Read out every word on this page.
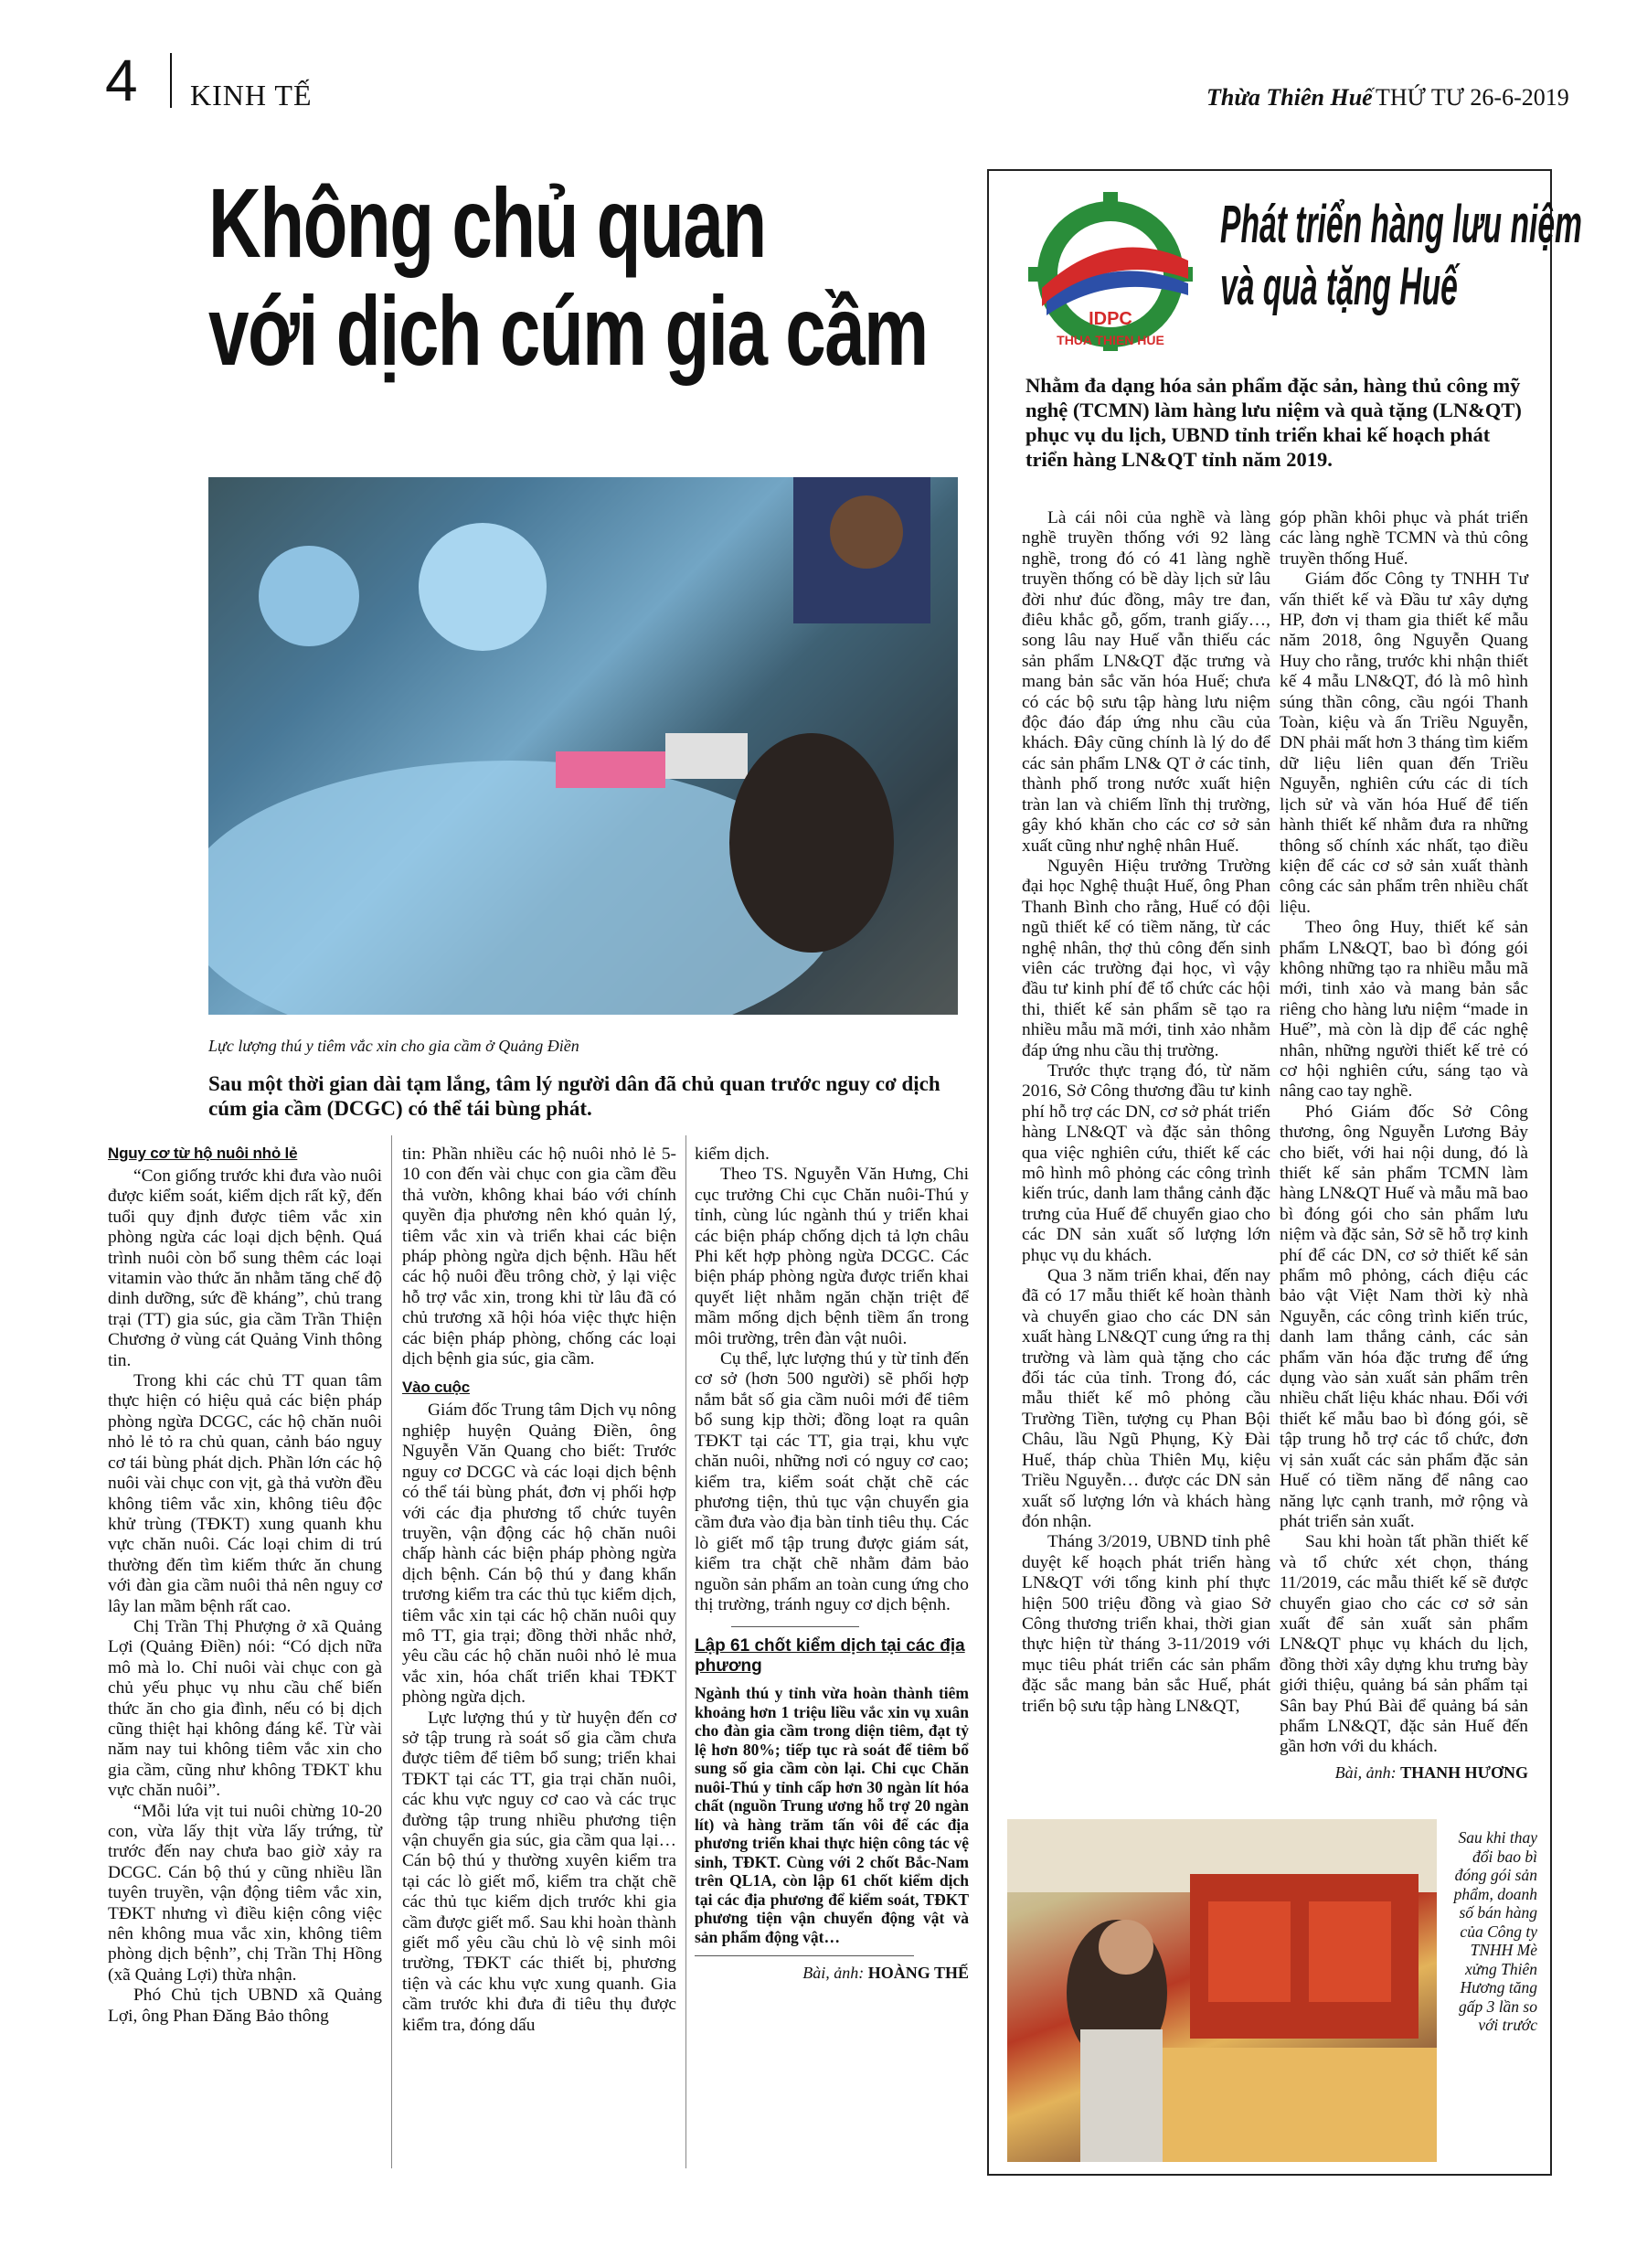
4 KINH TẾ	Thừa Thiên Huế THỨ TƯ 26-6-2019
Không chủ quan
với dịch cúm gia cầm
Lực lượng thú y tiêm vắc xin cho gia cầm ở Quảng Điền
Sau một thời gian dài tạm lắng, tâm lý người dân đã chủ quan trước nguy cơ dịch cúm gia cầm (DCGC) có thể tái bùng phát.
Nguy cơ từ hộ nuôi nhỏ lẻ

“Con giống trước khi đưa vào nuôi được kiểm soát, kiểm dịch rất kỹ, đến tuổi quy định được tiêm vắc xin phòng ngừa các loại dịch bệnh. Quá trình nuôi còn bổ sung thêm các loại vitamin vào thức ăn nhằm tăng chế độ dinh dưỡng, sức đề kháng”, chủ trang trại (TT) gia súc, gia cầm Trần Thiện Chương ở vùng cát Quảng Vinh thông tin.

Trong khi các chủ TT quan tâm thực hiện có hiệu quả các biện pháp phòng ngừa DCGC, các hộ chăn nuôi nhỏ lẻ tỏ ra chủ quan, cảnh báo nguy cơ tái bùng phát dịch. Phần lớn các hộ nuôi vài chục con vịt, gà thả vườn đều không tiêm vắc xin, không tiêu độc khử trùng (TĐKT) xung quanh khu vực chăn nuôi. Các loại chim di trú thường đến tìm kiếm thức ăn chung với đàn gia cầm nuôi thả nên nguy cơ lây lan mầm bệnh rất cao.

Chị Trần Thị Phượng ở xã Quảng Lợi (Quảng Điền) nói: “Có dịch nữa mô mà lo. Chỉ nuôi vài chục con gà chủ yếu phục vụ nhu cầu chế biến thức ăn cho gia đình, nếu có bị dịch cũng thiệt hại không đáng kể. Từ vài năm nay tui không tiêm vắc xin cho gia cầm, cũng như không TĐKT khu vực chăn nuôi”.

“Mỗi lứa vịt tui nuôi chừng 10-20 con, vừa lấy thịt vừa lấy trứng, từ trước đến nay chưa bao giờ xảy ra DCGC. Cán bộ thú y cũng nhiều lần tuyên truyền, vận động tiêm vắc xin, TĐKT nhưng vì điều kiện công việc nên không mua vắc xin, không tiêm phòng dịch bệnh”, chị Trần Thị Hồng (xã Quảng Lợi) thừa nhận.

Phó Chủ tịch UBND xã Quảng Lợi, ông Phan Đăng Bảo thông

tin: Phần nhiều các hộ nuôi nhỏ lẻ 5-10 con đến vài chục con gia cầm đều thả vườn, không khai báo với chính quyền địa phương nên khó quản lý, tiêm vắc xin và triển khai các biện pháp phòng ngừa dịch bệnh. Hầu hết các hộ nuôi đều trông chờ, ỷ lại việc hỗ trợ vắc xin, trong khi từ lâu đã có chủ trương xã hội hóa việc thực hiện các biện pháp phòng, chống các loại dịch bệnh gia súc, gia cầm.

Vào cuộc

Giám đốc Trung tâm Dịch vụ nông nghiệp huyện Quảng Điền, ông Nguyễn Văn Quang cho biết: Trước nguy cơ DCGC và các loại dịch bệnh có thể tái bùng phát, đơn vị phối hợp với các địa phương tổ chức tuyên truyền, vận động các hộ chăn nuôi chấp hành các biện pháp phòng ngừa dịch bệnh. Cán bộ thú y đang khẩn trương kiểm tra các thủ tục kiểm dịch, tiêm vắc xin tại các hộ chăn nuôi quy mô TT, gia trại; đồng thời nhắc nhở, yêu cầu các hộ chăn nuôi nhỏ lẻ mua vắc xin, hóa chất triển khai TĐKT phòng ngừa dịch.

Lực lượng thú y từ huyện đến cơ sở tập trung rà soát số gia cầm chưa được tiêm để tiêm bổ sung; triển khai TĐKT tại các TT, gia trại chăn nuôi, các khu vực nguy cơ cao và các trục đường tập trung nhiều phương tiện vận chuyển gia súc, gia cầm qua lại… Cán bộ thú y thường xuyên kiểm tra tại các lò giết mổ, kiểm tra chặt chẽ các thủ tục kiểm dịch trước khi gia cầm được giết mổ. Sau khi hoàn thành giết mổ yêu cầu chủ lò vệ sinh môi trường, TĐKT các thiết bị, phương tiện và các khu vực xung quanh. Gia cầm trước khi đưa đi tiêu thụ được kiểm tra, đóng dấu

kiểm dịch.

Theo TS. Nguyễn Văn Hưng, Chi cục trưởng Chi cục Chăn nuôi-Thú y tỉnh, cùng lúc ngành thú y triển khai các biện pháp chống dịch tả lợn châu Phi kết hợp phòng ngừa DCGC. Các biện pháp phòng ngừa được triển khai quyết liệt nhằm ngăn chặn triệt để mầm mống dịch bệnh tiềm ẩn trong môi trường, trên đàn vật nuôi.

Cụ thể, lực lượng thú y từ tỉnh đến cơ sở (hơn 500 người) sẽ phối hợp nắm bắt số gia cầm nuôi mới để tiêm bổ sung kịp thời; đồng loạt ra quân TĐKT tại các TT, gia trại, khu vực chăn nuôi, những nơi có nguy cơ cao; kiểm tra, kiểm soát chặt chẽ các phương tiện, thủ tục vận chuyển gia cầm đưa vào địa bàn tỉnh tiêu thụ. Các lò giết mổ tập trung được giám sát, kiểm tra chặt chẽ nhằm đảm bảo nguồn sản phẩm an toàn cung ứng cho thị trường, tránh nguy cơ dịch bệnh.

Lập 61 chốt kiểm dịch tại các địa phương
Ngành thú y tỉnh vừa hoàn thành tiêm khoảng hơn 1 triệu liều vắc xin vụ xuân cho đàn gia cầm trong diện tiêm, đạt tỷ lệ hơn 80%; tiếp tục rà soát để tiêm bổ sung số gia cầm còn lại. Chi cục Chăn nuôi-Thú y tỉnh cấp hơn 30 ngàn lít hóa chất (nguồn Trung ương hỗ trợ 20 ngàn lít) và hàng trăm tấn vôi để các địa phương triển khai thực hiện công tác vệ sinh, TĐKT. Cùng với 2 chốt Bắc-Nam trên QL1A, còn lập 61 chốt kiểm dịch tại các địa phương để kiểm soát, TĐKT phương tiện vận chuyển động vật và sản phẩm động vật…
Bài, ảnh: HOÀNG THẾ
IDPC
THUA THIEN HUE
Phát triển hàng lưu niệm
và quà tặng Huế
Nhằm đa dạng hóa sản phẩm đặc sản, hàng thủ công mỹ nghệ (TCMN) làm hàng lưu niệm và quà tặng (LN&QT) phục vụ du lịch, UBND tỉnh triển khai kế hoạch phát triển hàng LN&QT tỉnh năm 2019.

Là cái nôi của nghề và làng nghề truyền thống với 92 làng nghề, trong đó có 41 làng nghề truyền thống có bề dày lịch sử lâu đời như đúc đồng, mây tre đan, điêu khắc gỗ, gốm, tranh giấy…, song lâu nay Huế vẫn thiếu các sản phẩm LN&QT đặc trưng và mang bản sắc văn hóa Huế; chưa có các bộ sưu tập hàng lưu niệm độc đáo đáp ứng nhu cầu của khách. Đây cũng chính là lý do để các sản phẩm LN& QT ở các tỉnh, thành phố trong nước xuất hiện tràn lan và chiếm lĩnh thị trường, gây khó khăn cho các cơ sở sản xuất cũng như nghệ nhân Huế.

Nguyên Hiệu trưởng Trường đại học Nghệ thuật Huế, ông Phan Thanh Bình cho rằng, Huế có đội ngũ thiết kế có tiềm năng, từ các nghệ nhân, thợ thủ công đến sinh viên các trường đại học, vì vậy đầu tư kinh phí để tổ chức các hội thi, thiết kế sản phẩm sẽ tạo ra nhiều mẫu mã mới, tinh xảo nhằm đáp ứng nhu cầu thị trường.

Trước thực trạng đó, từ năm 2016, Sở Công thương đầu tư kinh phí hỗ trợ các DN, cơ sở phát triển hàng LN&QT và đặc sản thông qua việc nghiên cứu, thiết kế các mô hình mô phỏng các công trình kiến trúc, danh lam thắng cảnh đặc trưng của Huế để chuyển giao cho các DN sản xuất số lượng lớn phục vụ du khách.

Qua 3 năm triển khai, đến nay đã có 17 mẫu thiết kế hoàn thành và chuyển giao cho các DN sản xuất hàng LN&QT cung ứng ra thị trường và làm quà tặng cho các đối tác của tỉnh. Trong đó, các mẫu thiết kế mô phỏng cầu Trường Tiền, tượng cụ Phan Bội Châu, lầu Ngũ Phụng, Kỳ Đài Huế, tháp chùa Thiên Mụ, kiệu Triều Nguyễn… được các DN sản xuất số lượng lớn và khách hàng đón nhận.

Tháng 3/2019, UBND tỉnh phê duyệt kế hoạch phát triển hàng LN&QT với tổng kinh phí thực hiện 500 triệu đồng và giao Sở Công thương triển khai, thời gian thực hiện từ tháng 3-11/2019 với mục tiêu phát triển các sản phẩm đặc sắc mang bản sắc Huế, phát triển bộ sưu tập hàng LN&QT,

góp phần khôi phục và phát triển các làng nghề TCMN và thủ công truyền thống Huế.

Giám đốc Công ty TNHH Tư vấn thiết kế và Đầu tư xây dựng HP, đơn vị tham gia thiết kế mẫu năm 2018, ông Nguyễn Quang Huy cho rằng, trước khi nhận thiết kế 4 mẫu LN&QT, đó là mô hình súng thần công, cầu ngói Thanh Toàn, kiệu và ấn Triều Nguyễn, DN phải mất hơn 3 tháng tìm kiếm dữ liệu liên quan đến Triều Nguyễn, nghiên cứu các di tích lịch sử và văn hóa Huế để tiến hành thiết kế nhằm đưa ra những thông số chính xác nhất, tạo điều kiện để các cơ sở sản xuất thành công các sản phẩm trên nhiều chất liệu.

Theo ông Huy, thiết kế sản phẩm LN&QT, bao bì đóng gói không những tạo ra nhiều mẫu mã mới, tinh xảo và mang bản sắc riêng cho hàng lưu niệm “made in Huế”, mà còn là dịp để các nghệ nhân, những người thiết kế trẻ có cơ hội nghiên cứu, sáng tạo và nâng cao tay nghề.

Phó Giám đốc Sở Công thương, ông Nguyễn Lương Bảy cho biết, với hai nội dung, đó là thiết kế sản phẩm TCMN làm hàng LN&QT Huế và mẫu mã bao bì đóng gói cho sản phẩm lưu niệm và đặc sản, Sở sẽ hỗ trợ kinh phí để các DN, cơ sở thiết kế sản phẩm mô phỏng, cách điệu các bảo vật Việt Nam thời kỳ nhà Nguyễn, các công trình kiến trúc, danh lam thắng cảnh, các sản phẩm văn hóa đặc trưng để ứng dụng vào sản xuất sản phẩm trên nhiều chất liệu khác nhau. Đối với thiết kế mẫu bao bì đóng gói, sẽ tập trung hỗ trợ các tổ chức, đơn vị sản xuất các sản phẩm đặc sản Huế có tiềm năng để nâng cao năng lực cạnh tranh, mở rộng và phát triển sản xuất.

Sau khi hoàn tất phần thiết kế và tổ chức xét chọn, tháng 11/2019, các mẫu thiết kế sẽ được chuyển giao cho các cơ sở sản xuất để sản xuất sản phẩm LN&QT phục vụ khách du lịch, đồng thời xây dựng khu trưng bày giới thiệu, quảng bá sản phẩm tại Sân bay Phú Bài để quảng bá sản phẩm LN&QT, đặc sản Huế đến gần hơn với du khách.

Bài, ảnh: THANH HƯƠNG
Sau khi thay đổi bao bì đóng gói sản phẩm, doanh số bán hàng của Công ty TNHH Mè xửng Thiên Hương tăng gấp 3 lần so với trước
